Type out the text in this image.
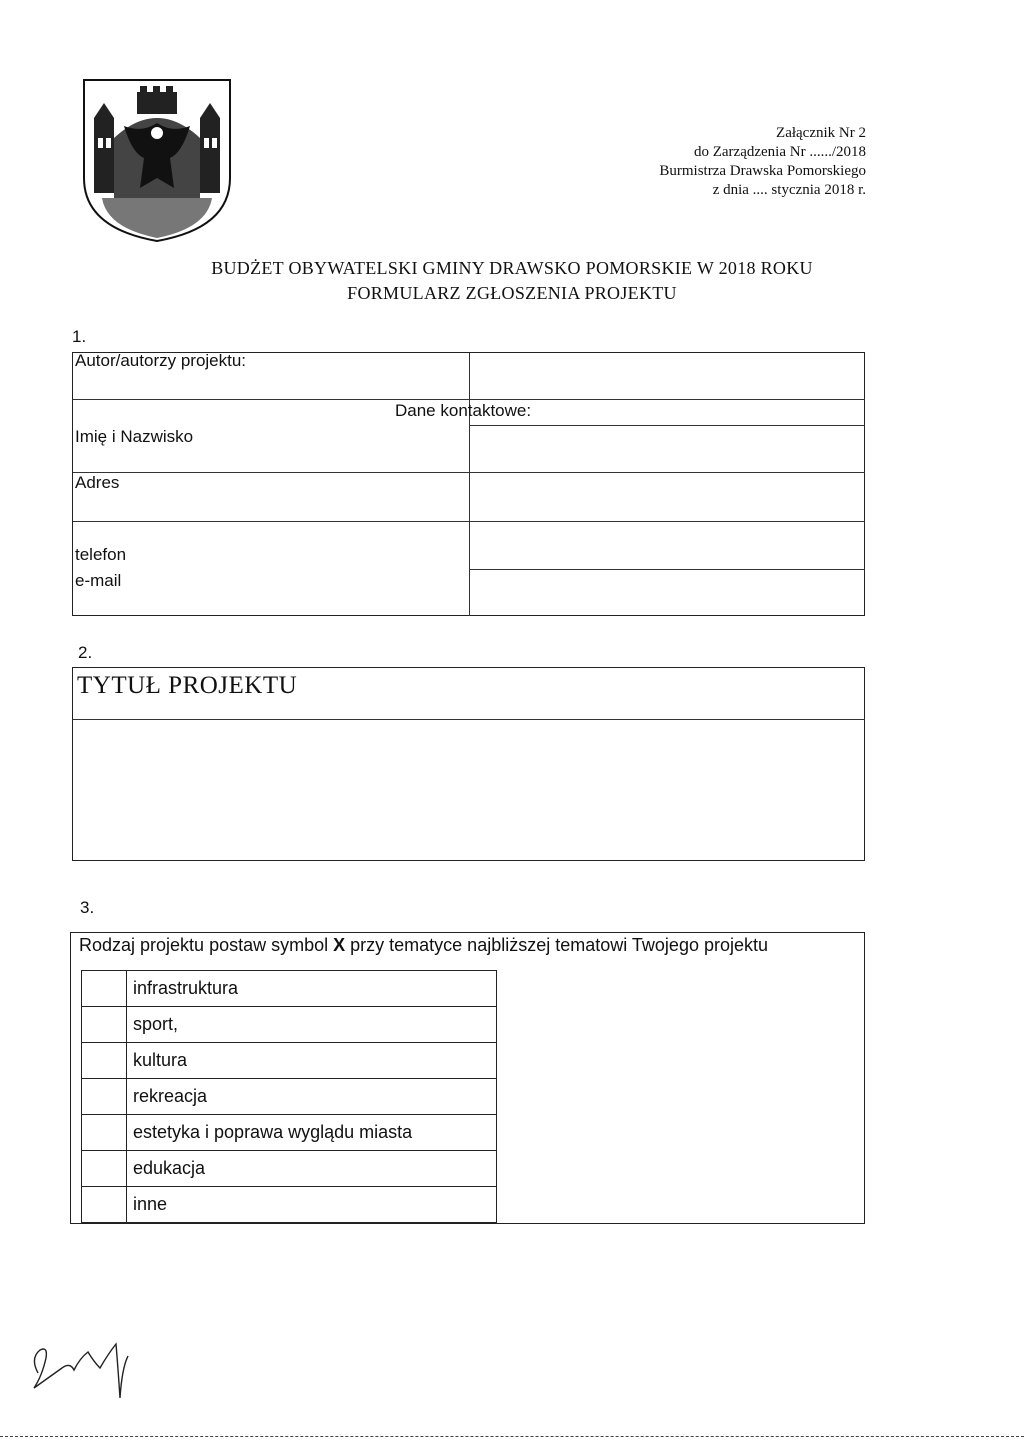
Załącznik Nr 2
do Zarządzenia Nr ....../2018
Burmistrza Drawska Pomorskiego
z dnia .... stycznia 2018 r.
BUDŻET OBYWATELSKI GMINY DRAWSKO POMORSKIE W 2018 ROKU
FORMULARZ ZGŁOSZENIA PROJEKTU
1.
Autor/autorzy projektu:
Dane kontaktowe:
Imię i Nazwisko
Adres
telefon
e-mail
2.
TYTUŁ PROJEKTU
3.
Rodzaj projektu postaw symbol X przy tematyce najbliższej tematowi Twojego projektu
	infrastruktura
	sport,
	kultura
	rekreacja
	estetyka i poprawa wyglądu miasta
	edukacja
	inne
